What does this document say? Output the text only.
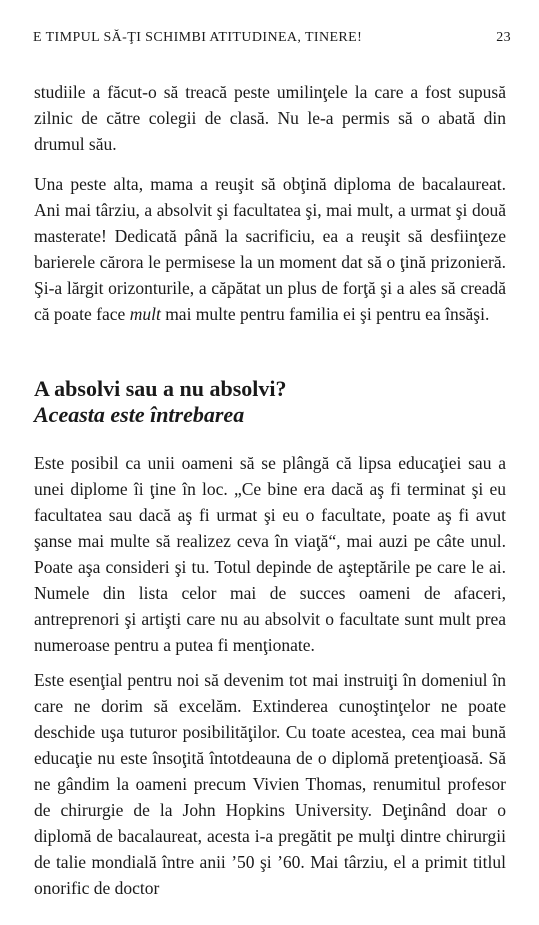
E TIMPUL SĂ-ŢI SCHIMBI ATITUDINEA, TINERE!	23

studiile a făcut-o să treacă peste umilinţele la care a fost supusă zilnic de către colegii de clasă. Nu le-a permis să o abată din drumul său.

Una peste alta, mama a reuşit să obţină diploma de bacalaureat. Ani mai târziu, a absolvit şi facultatea şi, mai mult, a urmat şi două masterate! Dedicată până la sacrificiu, ea a reuşit să desfiinţeze barierele cărora le permisese la un moment dat să o ţină prizonieră. Şi-a lărgit orizonturile, a căpătat un plus de forţă şi a ales să creadă că poate face mult mai multe pentru familia ei şi pentru ea însăşi.

A absolvi sau a nu absolvi?
Aceasta este întrebarea

Este posibil ca unii oameni să se plângă că lipsa educaţiei sau a unei diplome îi ţine în loc. „Ce bine era dacă aş fi terminat şi eu facultatea sau dacă aş fi urmat şi eu o facultate, poate aş fi avut şanse mai multe să realizez ceva în viaţă“, mai auzi pe câte unul. Poate aşa consideri şi tu. Totul depinde de aşteptările pe care le ai. Numele din lista celor mai de succes oameni de afaceri, antreprenori şi artişti care nu au absolvit o facultate sunt mult prea numeroase pentru a putea fi menţionate.

Este esenţial pentru noi să devenim tot mai instruiţi în domeniul în care ne dorim să excelăm. Extinderea cunoştinţelor ne poate deschide uşa tuturor posibilităţilor. Cu toate acestea, cea mai bună educaţie nu este însoţită întotdeauna de o diplomă pretenţioasă. Să ne gândim la oameni precum Vivien Thomas, renumitul profesor de chirurgie de la John Hopkins University. Deţinând doar o diplomă de bacalaureat, acesta i-a pregătit pe mulţi dintre chirurgii de talie mondială între anii ’50 şi ’60. Mai târziu, el a primit titlul onorific de doctor
